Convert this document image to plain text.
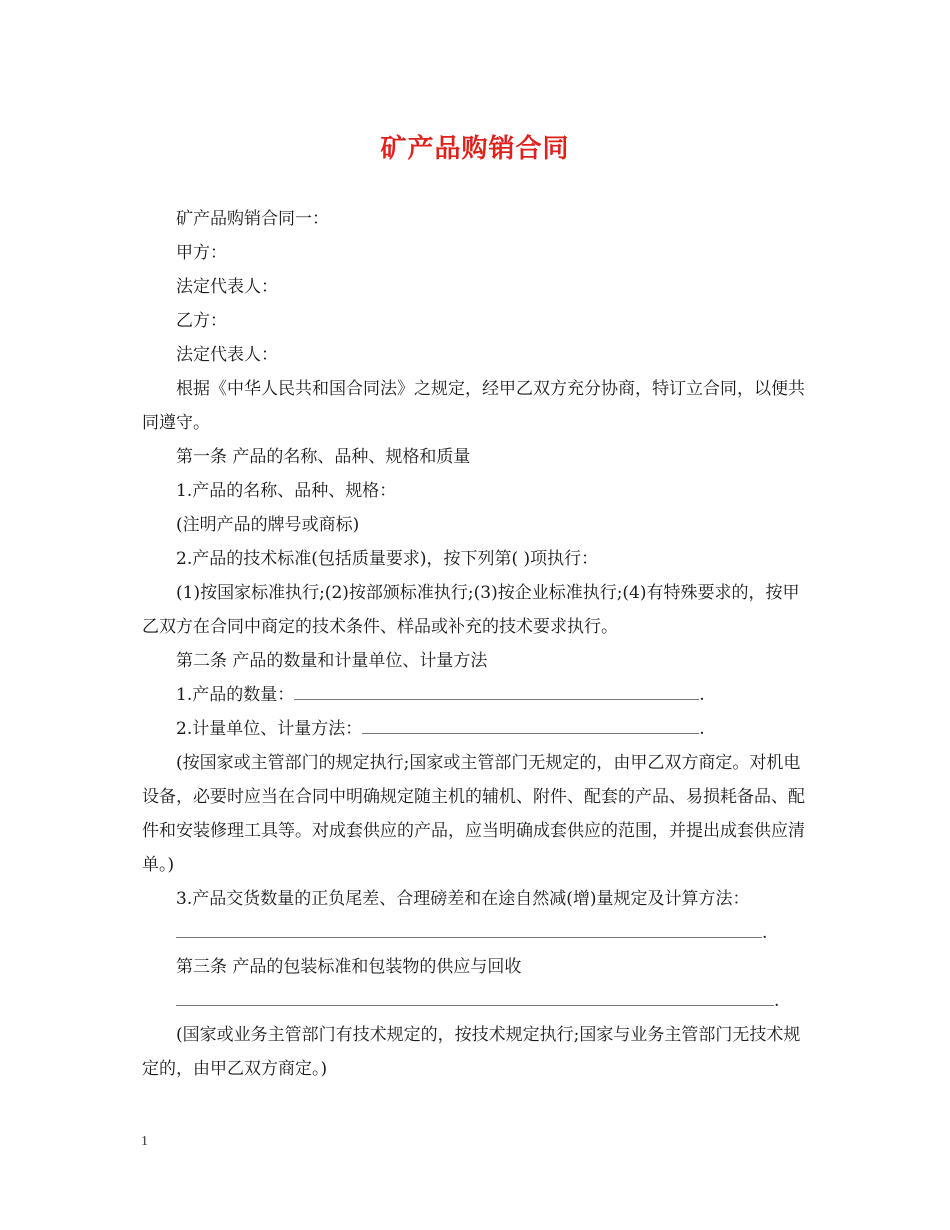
矿产品购销合同

矿产品购销合同一：

甲方：

法定代表人：

乙方：

法定代表人：

根据《中华人民共和国合同法》之规定，经甲乙双方充分协商，特订立合同，以便共同遵守。

第一条 产品的名称、品种、规格和质量

1.产品的名称、品种、规格：

(注明产品的牌号或商标)

2.产品的技术标准(包括质量要求)，按下列第( )项执行：

(1)按国家标准执行;(2)按部颁标准执行;(3)按企业标准执行;(4)有特殊要求的，按甲乙双方在合同中商定的技术条件、样品或补充的技术要求执行。

第二条 产品的数量和计量单位、计量方法

1.产品的数量：	.

2.计量单位、计量方法：	.

(按国家或主管部门的规定执行;国家或主管部门无规定的，由甲乙双方商定。对机电设备，必要时应当在合同中明确规定随主机的辅机、附件、配套的产品、易损耗备品、配件和安装修理工具等。对成套供应的产品，应当明确成套供应的范围，并提出成套供应清单。)

3.产品交货数量的正负尾差、合理磅差和在途自然减(增)量规定及计算方法：

.

第三条 产品的包装标准和包装物的供应与回收

.

(国家或业务主管部门有技术规定的，按技术规定执行;国家与业务主管部门无技术规定的，由甲乙双方商定。)

1
